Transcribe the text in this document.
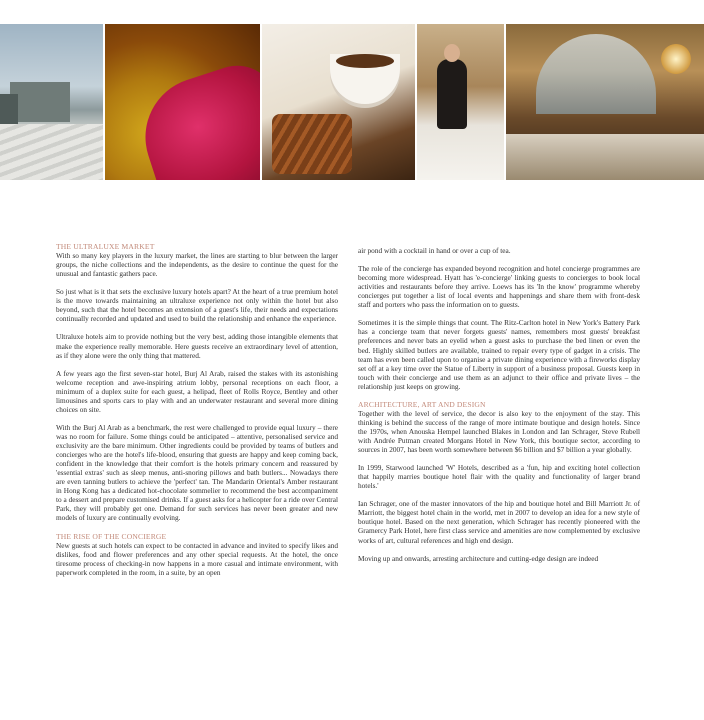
THE ULTRALUXE MARKET

With so many key players in the luxury market, the lines are starting to blur between the larger groups, the niche collections and the independents, as the desire to continue the quest for the unusual and fantastic gathers pace.

So just what is it that sets the exclusive luxury hotels apart? At the heart of a true premium hotel is the move towards maintaining an ultraluxe experience not only within the hotel but also beyond, such that the hotel becomes an extension of a guest's life, their needs and expectations continually recorded and updated and used to build the relationship and enhance the experience.

Ultraluxe hotels aim to provide nothing but the very best, adding those intangible elements that make the experience really memorable. Here guests receive an extraordinary level of attention, as if they alone were the only thing that mattered.

A few years ago the first seven-star hotel, Burj Al Arab, raised the stakes with its astonishing welcome reception and awe-inspiring atrium lobby, personal receptions on each floor, a minimum of a duplex suite for each guest, a helipad, fleet of Rolls Royce, Bentley and other limousines and sports cars to play with and an underwater restaurant and several more dining choices on site.

With the Burj Al Arab as a benchmark, the rest were challenged to provide equal luxury – there was no room for failure. Some things could be anticipated – attentive, personalised service and exclusivity are the bare minimum. Other ingredients could be provided by teams of butlers and concierges who are the hotel's life-blood, ensuring that guests are happy and keep coming back, confident in the knowledge that their comfort is the hotels primary concern and reassured by 'essential extras' such as sleep menus, anti-snoring pillows and bath butlers... Nowadays there are even tanning butlers to achieve the 'perfect' tan. The Mandarin Oriental's Amber restaurant in Hong Kong has a dedicated hot-chocolate sommelier to recommend the best accompaniment to a dessert and prepare customised drinks. If a guest asks for a helicopter for a ride over Central Park, they will probably get one. Demand for such services has never been greater and new models of luxury are continually evolving.

THE RISE OF THE CONCIERGE

New guests at such hotels can expect to be contacted in advance and invited to specify likes and dislikes, food and flower preferences and any other special requests. At the hotel, the once tiresome process of checking-in now happens in a more casual and intimate environment, with paperwork completed in the room, in a suite, by an open

air pond with a cocktail in hand or over a cup of tea.

The role of the concierge has expanded beyond recognition and hotel concierge programmes are becoming more widespread. Hyatt has 'e-concierge' linking guests to concierges to book local activities and restaurants before they arrive. Loews has its 'In the know' programme whereby concierges put together a list of local events and happenings and share them with front-desk staff and porters who pass the information on to guests.

Sometimes it is the simple things that count. The Ritz-Carlton hotel in New York's Battery Park has a concierge team that never forgets guests' names, remembers most guests' breakfast preferences and never bats an eyelid when a guest asks to purchase the bed linen or even the bed. Highly skilled butlers are available, trained to repair every type of gadget in a crisis. The team has even been called upon to organise a private dining experience with a fireworks display set off at a key time over the Statue of Liberty in support of a business proposal. Guests keep in touch with their concierge and use them as an adjunct to their office and private lives – the relationship just keeps on growing.

ARCHITECTURE, ART AND DESIGN

Together with the level of service, the decor is also key to the enjoyment of the stay. This thinking is behind the success of the range of more intimate boutique and design hotels. Since the 1970s, when Anouska Hempel launched Blakes in London and Ian Schrager, Steve Rubell with Andrée Putman created Morgans Hotel in New York, this boutique sector, according to sources in 2007, has been worth somewhere between $6 billion and $7 billion a year globally.

In 1999, Starwood launched 'W' Hotels, described as a 'fun, hip and exciting hotel collection that happily marries boutique hotel flair with the quality and functionality of larger brand hotels.'

Ian Schrager, one of the master innovators of the hip and boutique hotel and Bill Marriott Jr. of Marriott, the biggest hotel chain in the world, met in 2007 to develop an idea for a new style of boutique hotel. Based on the next generation, which Schrager has recently pioneered with the Gramercy Park Hotel, here first class service and amenities are now complemented by exclusive works of art, cultural references and high end design.

Moving up and onwards, arresting architecture and cutting-edge design are indeed
